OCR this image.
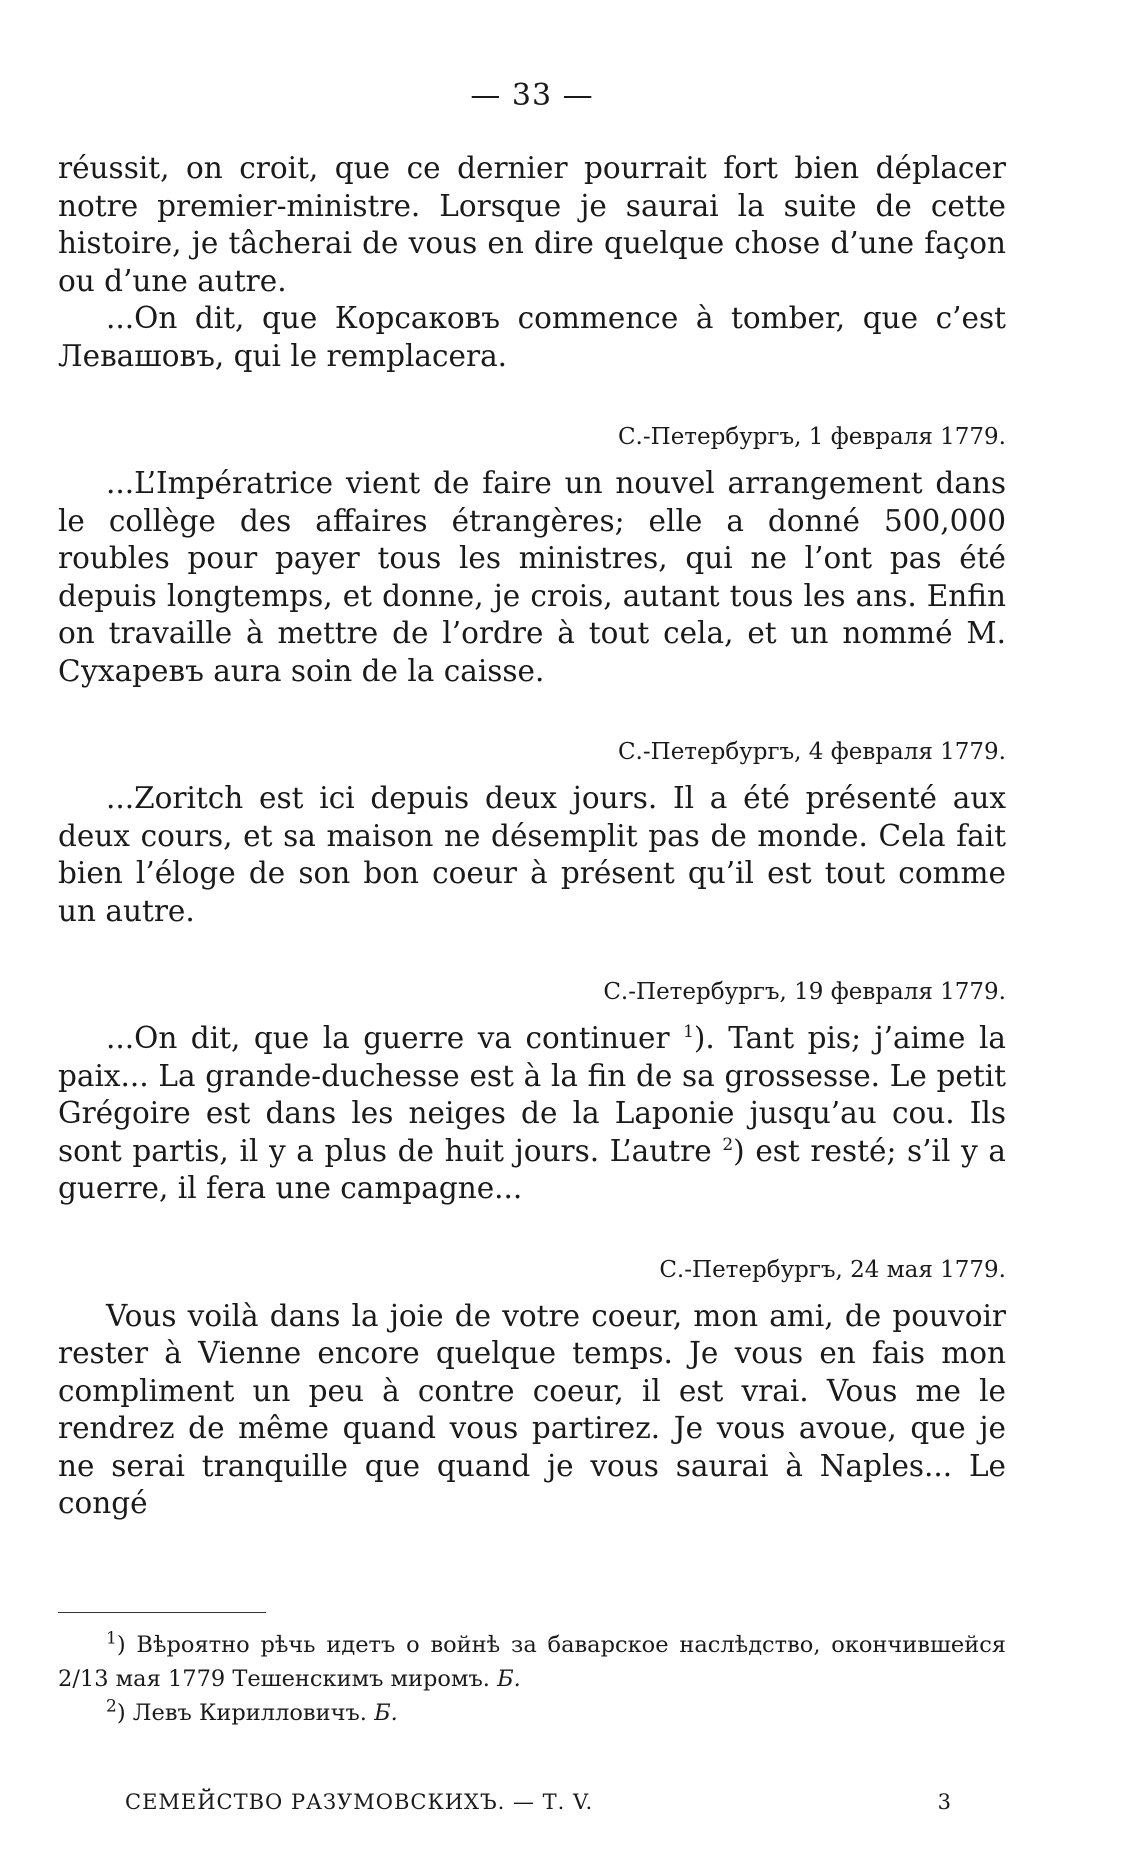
— 33 —

réussit, on croit, que ce dernier pourrait fort bien déplacer notre premier-ministre. Lorsque je saurai la suite de cette histoire, je tâcherai de vous en dire quelque chose d’une façon ou d’une autre.

...On dit, que Корсаковъ commence à tomber, que c’est Левашовъ, qui le remplacera.

С.-Петербургъ, 1 февраля 1779.

...L’Impératrice vient de faire un nouvel arrangement dans le collège des affaires étrangères; elle a donné 500,000 roubles pour payer tous les ministres, qui ne l’ont pas été depuis longtemps, et donne, je crois, autant tous les ans. Enfin on travaille à mettre de l’ordre à tout cela, et un nommé M. Сухаревъ aura soin de la caisse.

С.-Петербургъ, 4 февраля 1779.

...Zoritch est ici depuis deux jours. Il a été présenté aux deux cours, et sa maison ne désemplit pas de monde. Cela fait bien l’éloge de son bon coeur à présent qu’il est tout comme un autre.

С.-Петербургъ, 19 февраля 1779.

...On dit, que la guerre va continuer $^1$). Tant pis; j’aime la paix... La grande-duchesse est à la fin de sa grossesse. Le petit Grégoire est dans les neiges de la Laponie jusqu’au cou. Ils sont partis, il y a plus de huit jours. L’autre $^2$) est resté; s’il y a guerre, il fera une campagne...

С.-Петербургъ, 24 мая 1779.

Vous voilà dans la joie de votre coeur, mon ami, de pouvoir rester à Vienne encore quelque temps. Je vous en fais mon compliment un peu à contre coeur, il est vrai. Vous me le rendrez de même quand vous partirez. Je vous avoue, que je ne serai tranquille que quand je vous saurai à Naples... Le congé

$^1$) Вѣроятно рѣчь идетъ о войнѣ за баварское наслѣдство, окончившейся 2/13 мая 1779 Тешенскимъ миромъ. Б.

$^2$) Левъ Кирилловичъ. Б.

СЕМЕЙСТВО РАЗУМОВСКИХЪ. — Т. V.	3
